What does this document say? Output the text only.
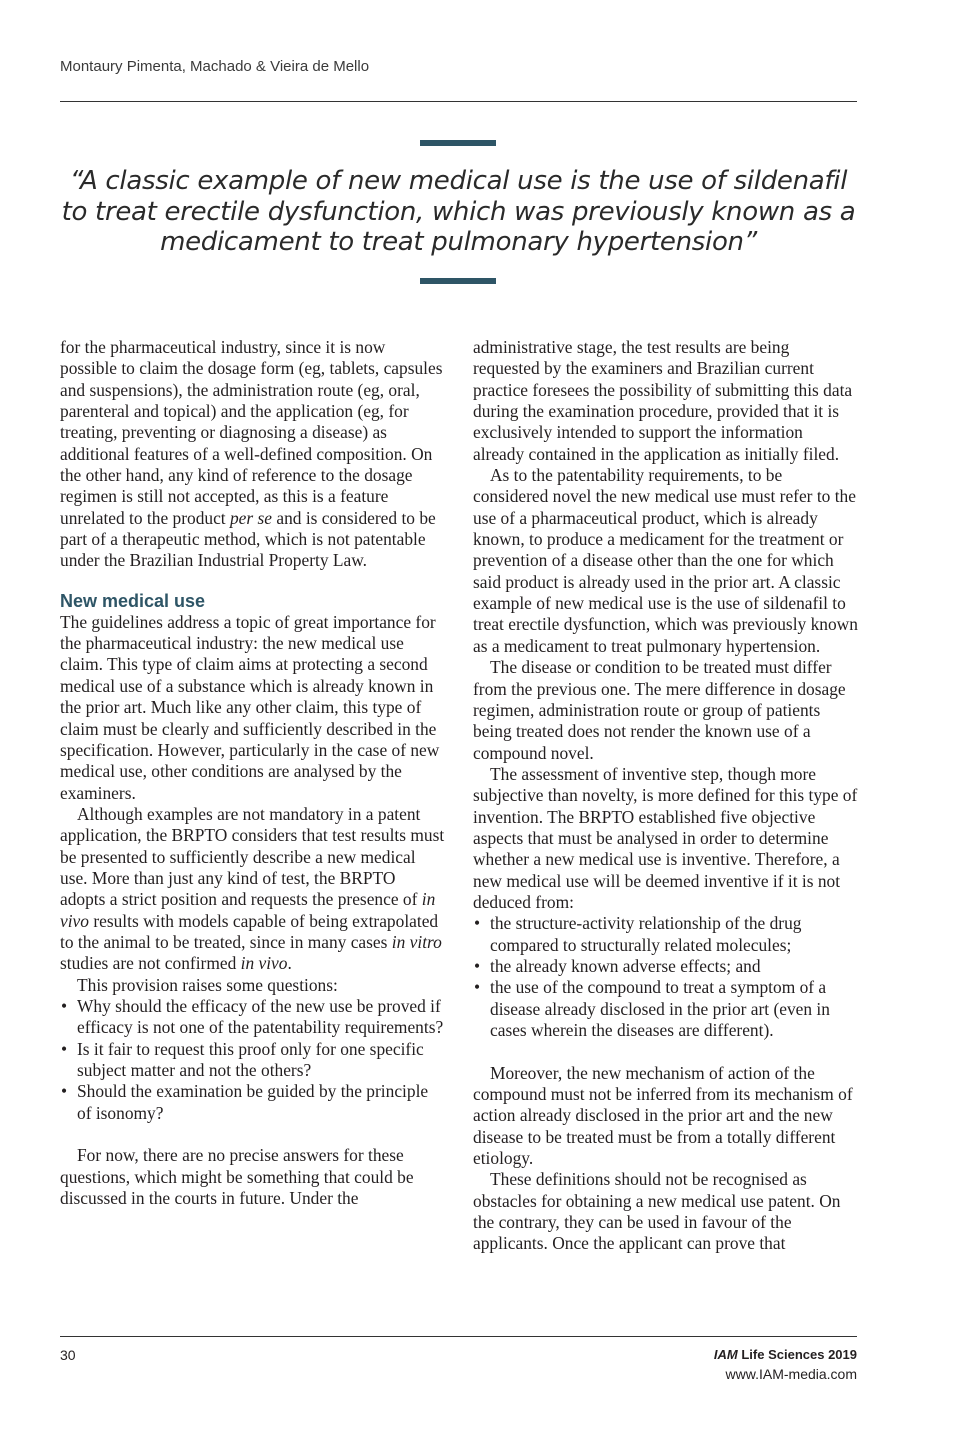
Montaury Pimenta, Machado & Vieira de Mello
“A classic example of new medical use is the use of sildenafil
to treat erectile dysfunction, which was previously known as a
medicament to treat pulmonary hypertension”

for the pharmaceutical industry, since it is now possible to claim the dosage form (eg, tablets, capsules and suspensions), the administration route (eg, oral, parenteral and topical) and the application (eg, for treating, preventing or diagnosing a disease) as additional features of a well-defined composition. On the other hand, any kind of reference to the dosage regimen is still not accepted, as this is a feature unrelated to the product per se and is considered to be part of a therapeutic method, which is not patentable under the Brazilian Industrial Property Law.

New medical use

The guidelines address a topic of great importance for the pharmaceutical industry: the new medical use claim. This type of claim aims at protecting a second medical use of a substance which is already known in the prior art. Much like any other claim, this type of claim must be clearly and sufficiently described in the specification. However, particularly in the case of new medical use, other conditions are analysed by the examiners.

Although examples are not mandatory in a patent application, the BRPTO considers that test results must be presented to sufficiently describe a new medical use. More than just any kind of test, the BRPTO adopts a strict position and requests the presence of in vivo results with models capable of being extrapolated to the animal to be treated, since in many cases in vitro studies are not confirmed in vivo.

This provision raises some questions:

• Why should the efficacy of the new use be proved if efficacy is not one of the patentability requirements?
• Is it fair to request this proof only for one specific subject matter and not the others?
• Should the examination be guided by the principle of isonomy?

For now, there are no precise answers for these questions, which might be something that could be discussed in the courts in future. Under the

administrative stage, the test results are being requested by the examiners and Brazilian current practice foresees the possibility of submitting this data during the examination procedure, provided that it is exclusively intended to support the information already contained in the application as initially filed.

As to the patentability requirements, to be considered novel the new medical use must refer to the use of a pharmaceutical product, which is already known, to produce a medicament for the treatment or prevention of a disease other than the one for which said product is already used in the prior art. A classic example of new medical use is the use of sildenafil to treat erectile dysfunction, which was previously known as a medicament to treat pulmonary hypertension.

The disease or condition to be treated must differ from the previous one. The mere difference in dosage regimen, administration route or group of patients being treated does not render the known use of a compound novel.

The assessment of inventive step, though more subjective than novelty, is more defined for this type of invention. The BRPTO established five objective aspects that must be analysed in order to determine whether a new medical use is inventive. Therefore, a new medical use will be deemed inventive if it is not deduced from:

• the structure-activity relationship of the drug compared to structurally related molecules;
• the already known adverse effects; and
• the use of the compound to treat a symptom of a disease already disclosed in the prior art (even in cases wherein the diseases are different).

Moreover, the new mechanism of action of the compound must not be inferred from its mechanism of action already disclosed in the prior art and the new disease to be treated must be from a totally different etiology.

These definitions should not be recognised as obstacles for obtaining a new medical use patent. On the contrary, they can be used in favour of the applicants. Once the applicant can prove that

30	IAM Life Sciences 2019
www.IAM-media.com
